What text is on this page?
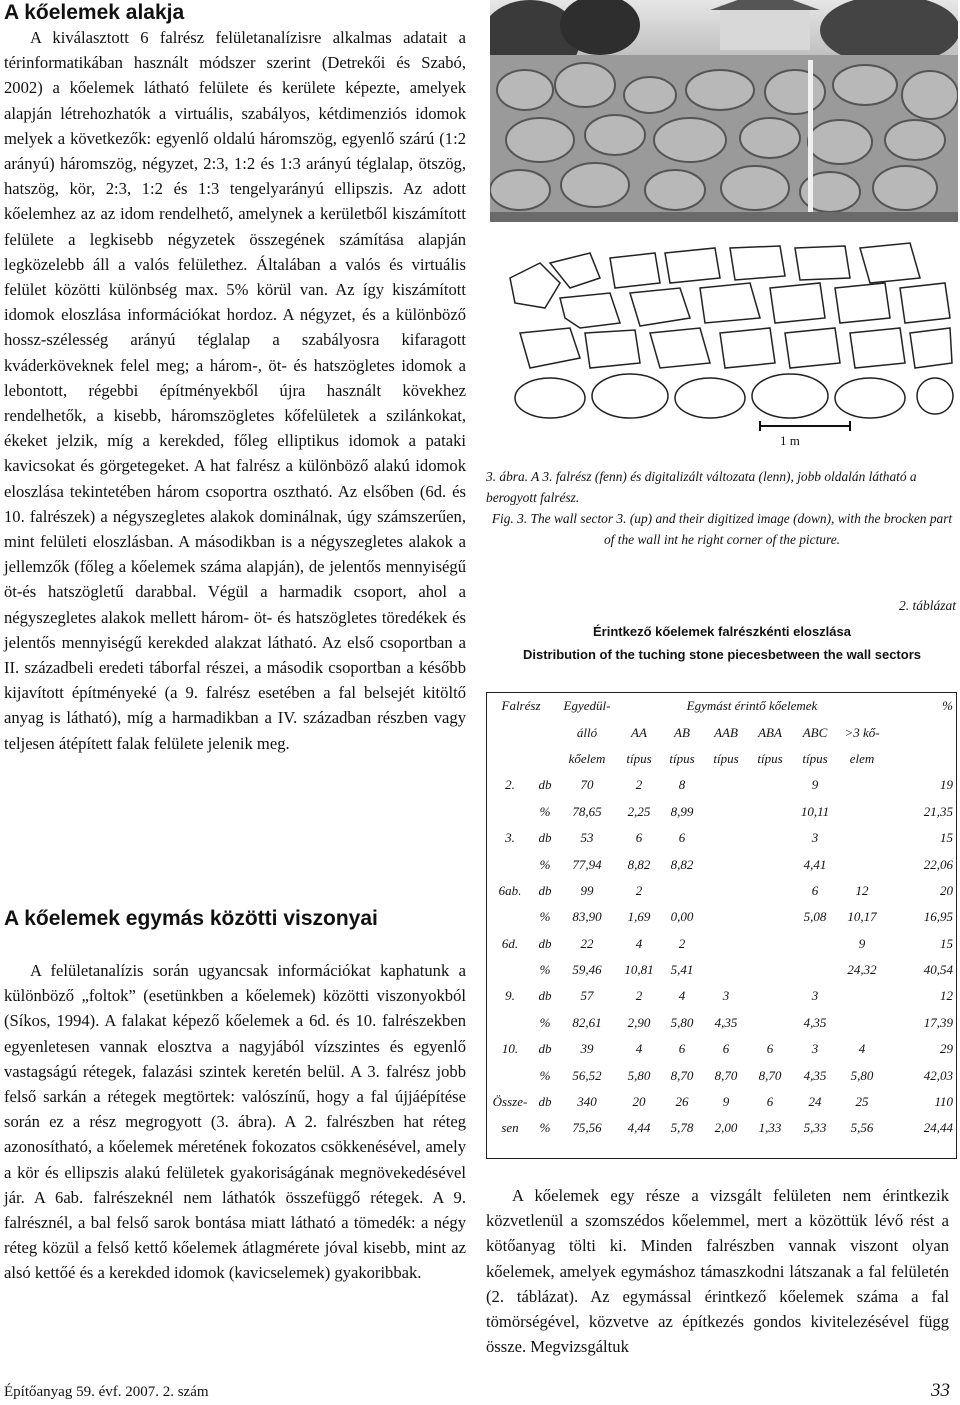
A kőelemek alakja

A kiválasztott 6 falrész felületanalízisre alkalmas adatait a térinformatikában használt módszer szerint (Detrekői és Szabó, 2002) a kőelemek látható felülete és kerülete képezte, amelyek alapján létrehozhatók a virtuális, szabályos, kétdimenziós idomok melyek a következők: egyenlő oldalú háromszög, egyenlő szárú (1:2 arányú) háromszög, négyzet, 2:3, 1:2 és 1:3 arányú téglalap, ötszög, hatszög, kör, 2:3, 1:2 és 1:3 tengelyarányú ellipszis. Az adott kőelemhez az az idom rendelhető, amelynek a kerületből kiszámított felülete a legkisebb négyzetek összegének számítása alapján legközelebb áll a valós felülethez. Általában a valós és virtuális felület közötti különbség max. 5% körül van. Az így kiszámított idomok eloszlása információkat hordoz. A négyzet, és a különböző hossz-szélesség arányú téglalap a szabályosra kifaragott kváderköveknek felel meg; a három-, öt- és hatszögletes idomok a lebontott, régebbi építményekből újra használt kövekhez rendelhetők, a kisebb, háromszögletes kőfelületek a szilánkokat, ékeket jelzik, míg a kerekded, főleg elliptikus idomok a pataki kavicsokat és görgetegeket. A hat falrész a különböző alakú idomok eloszlása tekintetében három csoportra osztható. Az elsőben (6d. és 10. falrészek) a négyszegletes alakok dominálnak, úgy számszerűen, mint felületi eloszlásban. A másodikban is a négyszegletes alakok a jellemzők (főleg a kőelemek száma alapján), de jelentős mennyiségű öt-és hatszögletű darabbal. Végül a harmadik csoport, ahol a négyszegletes alakok mellett három- öt- és hatszögletes töredékek és jelentős mennyiségű kerekded alakzat látható. Az első csoportban a II. századbeli eredeti táborfal részei, a második csoportban a később kijavított építményeké (a 9. falrész esetében a fal belsejét kitöltő anyag is látható), míg a harmadikban a IV. században részben vagy teljesen átépített falak felülete jelenik meg.

A kőelemek egymás közötti viszonyai

A felületanalízis során ugyancsak információkat kaphatunk a különböző „foltok” (esetünkben a kőelemek) közötti viszonyokból (Síkos, 1994). A falakat képező kőelemek a 6d. és 10. falrészekben egyenletesen vannak elosztva a nagyjából vízszintes és egyenlő vastagságú rétegek, falazási szintek keretén belül. A 3. falrész jobb felső sarkán a rétegek megtörtek: valószínű, hogy a fal újjáépítése során ez a rész megrogyott (3. ábra). A 2. falrészben hat réteg azonosítható, a kőelemek méretének fokozatos csökkenésével, amely a kör és ellipszis alakú felületek gyakoriságának megnövekedésével jár. A 6ab. falrészeknél nem láthatók összefüggő rétegek. A 9. falrésznél, a bal felső sarok bontása miatt látható a tömedék: a négy réteg közül a felső kettő kőelemek átlagmérete jóval kisebb, mint az alsó kettőé és a kerekded idomok (kavicselemek) gyakoribbak.

1 m
3. ábra. A 3. falrész (fenn) és digitalizált változata (lenn), jobb oldalán látható a berogyott falrész.
Fig. 3. The wall sector 3. (up) and their digitized image (down), with the brocken part of the wall int he right corner of the picture.
2. táblázat
Érintkező kőelemek falrészkénti eloszlása
Distribution of the tuching stone piecesbetween the wall sectors
Falrész		Egyedül-	Egymást érintő kőelemek						%
		álló	AA	AB	AAB	ABA	ABC	>3 kő-	
		kőelem	típus	típus	típus	típus	típus	elem	
2.	db	70	2	8			9		19
	%	78,65	2,25	8,99			10,11		21,35
3.	db	53	6	6			3		15
	%	77,94	8,82	8,82			4,41		22,06
6ab.	db	99	2				6	12	20
	%	83,90	1,69	0,00			5,08	10,17	16,95
6d.	db	22	4	2				9	15
	%	59,46	10,81	5,41				24,32	40,54
9.	db	57	2	4	3		3		12
	%	82,61	2,90	5,80	4,35		4,35		17,39
10.	db	39	4	6	6	6	3	4	29
	%	56,52	5,80	8,70	8,70	8,70	4,35	5,80	42,03
Össze-	db	340	20	26	9	6	24	25	110
sen	%	75,56	4,44	5,78	2,00	1,33	5,33	5,56	24,44

A kőelemek egy része a vizsgált felületen nem érintkezik közvetlenül a szomszédos kőelemmel, mert a közöttük lévő rést a kötőanyag tölti ki. Minden falrészben vannak viszont olyan kőelemek, amelyek egymáshoz támaszkodni látszanak a fal felületén (2. táblázat). Az egymással érintkező kőelemek száma a fal tömörségével, közvetve az építkezés gondos kivitelezésével függ össze. Megvizsgáltuk

Építőanyag 59. évf. 2007. 2. szám	33
